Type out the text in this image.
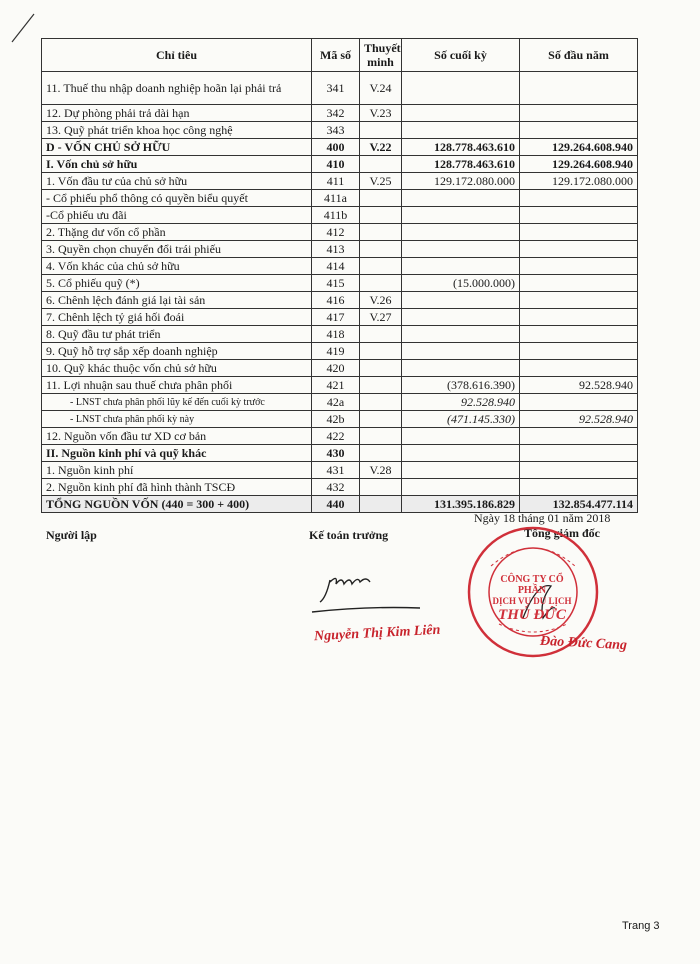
Chỉ tiêu	Mã số	Thuyết minh	Số cuối kỳ	Số đầu năm
11. Thuế thu nhập doanh nghiệp hoãn lại phải trả	341	V.24		
12. Dự phòng phải trả dài hạn	342	V.23		
13. Quỹ phát triển khoa học công nghệ	343			
D - VỐN CHỦ SỞ HỮU	400	V.22	128.778.463.610	129.264.608.940
I. Vốn chủ sở hữu	410		128.778.463.610	129.264.608.940
1. Vốn đầu tư của chủ sở hữu	411	V.25	129.172.080.000	129.172.080.000
- Cổ phiếu phổ thông có quyền biểu quyết	411a			
-Cổ phiếu ưu đãi	411b			
2. Thặng dư vốn cổ phần	412			
3. Quyền chọn chuyển đổi trái phiếu	413			
4. Vốn khác của chủ sở hữu	414			
5. Cổ phiếu quỹ (*)	415		(15.000.000)	
6. Chênh lệch đánh giá lại tài sản	416	V.26		
7. Chênh lệch tỷ giá hối đoái	417	V.27		
8. Quỹ đầu tư phát triển	418			
9. Quỹ hỗ trợ sắp xếp doanh nghiệp	419			
10. Quỹ khác thuộc vốn chủ sở hữu	420			
11. Lợi nhuận sau thuế chưa phân phối	421		(378.616.390)	92.528.940
- LNST chưa phân phối lũy kế đến cuối kỳ trước	42a		92.528.940	
- LNST chưa phân phối kỳ này	42b		(471.145.330)	92.528.940
12. Nguồn vốn đầu tư XD cơ bản	422			
II. Nguồn kinh phí và quỹ khác	430			
1. Nguồn kinh phí	431	V.28		
2. Nguồn kinh phí đã hình thành TSCĐ	432			
TỔNG NGUỒN VỐN (440 = 300 + 400)	440		131.395.186.829	132.854.477.114
Ngày 18 tháng 01 năm 2018
Người lập	Kế toán trưởng	Tổng giám đốc
CÔNG TY CỔ PHẦN
DỊCH VỤ DU LỊCH
THỦ ĐỨC
Nguyễn Thị Kim Liên	Đào Đức Cang
Trang 3
